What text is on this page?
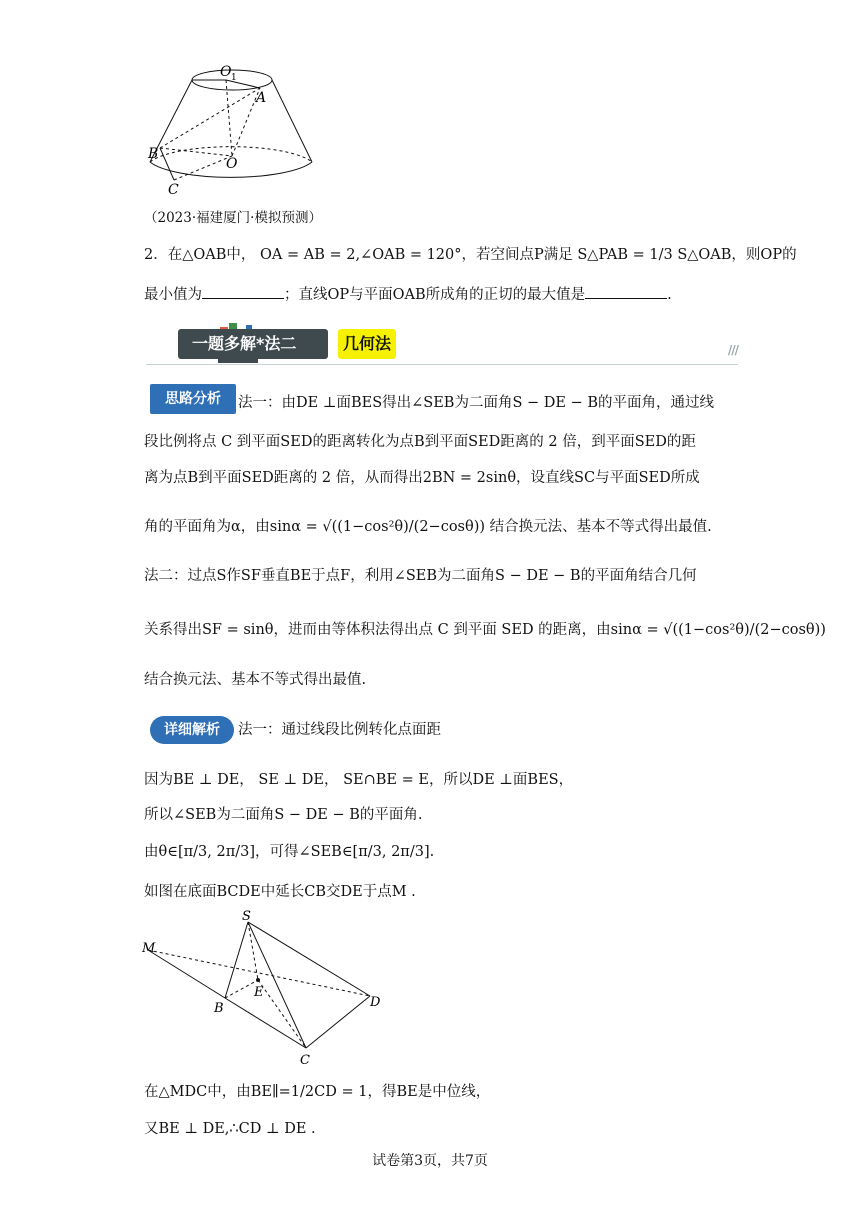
O 1
A
B
O
C
（2023·福建厦门·模拟预测）
2．在△OAB中， OA = AB = 2,∠OAB = 120°，若空间点P满足 S△PAB = 1/3 S△OAB，则OP的
最小值为	；直线OP与平面OAB所成角的正切的最大值是	.
一题多解*法二	几何法	///
思路分析	法一：由DE ⊥面BES得出∠SEB为二面角S − DE − B的平面角，通过线
段比例将点 C 到平面SED的距离转化为点B到平面SED距离的 2 倍，到平面SED的距
离为点B到平面SED距离的 2 倍，从而得出2BN = 2sinθ，设直线SC与平面SED所成
角的平面角为α，由sinα = √((1−cos²θ)/(2−cosθ)) 结合换元法、基本不等式得出最值.
法二：过点S作SF垂直BE于点F，利用∠SEB为二面角S − DE − B的平面角结合几何
关系得出SF = sinθ，进而由等体积法得出点 C 到平面 SED 的距离，由sinα = √((1−cos²θ)/(2−cosθ))
结合换元法、基本不等式得出最值.
详细解析	法一：通过线段比例转化点面距
因为BE ⊥ DE， SE ⊥ DE， SE∩BE = E，所以DE ⊥面BES，
所以∠SEB为二面角S − DE − B的平面角.
由θ∈[π/3, 2π/3]，可得∠SEB∈[π/3, 2π/3].
如图在底面BCDE中延长CB交DE于点M .
S
M
E
B	D
C
在△MDC中，由BE∥=1/2CD = 1，得BE是中位线，
又BE ⊥ DE,∴CD ⊥ DE .
试卷第3页，共7页
